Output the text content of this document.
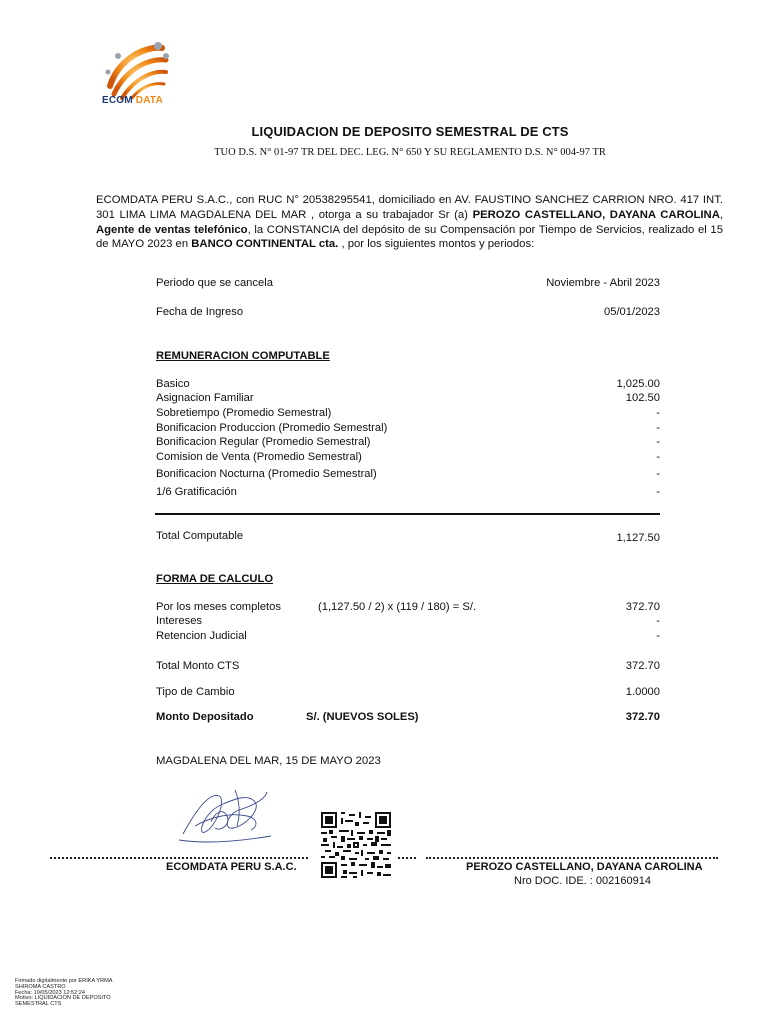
ECOM DATA
LIQUIDACION DE DEPOSITO SEMESTRAL DE CTS
TUO D.S. N° 01-97 TR DEL DEC. LEG. N° 650 Y SU REGLAMENTO D.S. N° 004-97 TR
ECOMDATA PERU S.A.C., con RUC N° 20538295541, domiciliado en AV. FAUSTINO SANCHEZ CARRION NRO. 417 INT. 301 LIMA LIMA MAGDALENA DEL MAR , otorga a su trabajador Sr (a) PEROZO CASTELLANO, DAYANA CAROLINA, Agente de ventas telefónico, la CONSTANCIA del depósito de su Compensación por Tiempo de Servicios, realizado el 15 de MAYO 2023 en BANCO CONTINENTAL cta. , por los siguientes montos y periodos:
Periodo que se cancela	Noviembre - Abril 2023
Fecha de Ingreso	05/01/2023
REMUNERACION COMPUTABLE
Basico	1,025.00
Asignacion Familiar	102.50
Sobretiempo (Promedio Semestral)	-
Bonificacion Produccion (Promedio Semestral)	-
Bonificacion Regular (Promedio Semestral)	-
Comision de Venta (Promedio Semestral)	-
Bonificacion Nocturna (Promedio Semestral)	-
1/6 Gratificación	-
Total Computable	1,127.50
FORMA DE CALCULO
Por los meses completos	(1,127.50 / 2) x (119 / 180) = S/.	372.70
Intereses	-
Retencion Judicial	-
Total Monto CTS	372.70
Tipo de Cambio	1.0000
Monto Depositado	S/. (NUEVOS SOLES)	372.70
MAGDALENA DEL MAR, 15 DE MAYO 2023
ECOMDATA PERU S.A.C.	PEROZO CASTELLANO, DAYANA CAROLINA
Nro DOC. IDE. : 002160914
Firmado digitalmente por ERIKA YRMA
SHIROMA CASTRO
Fecha: 19/05/2023 12:52:24
Motivo: LIQUIDACION DE DEPOSITO
SEMESTRAL CTS
